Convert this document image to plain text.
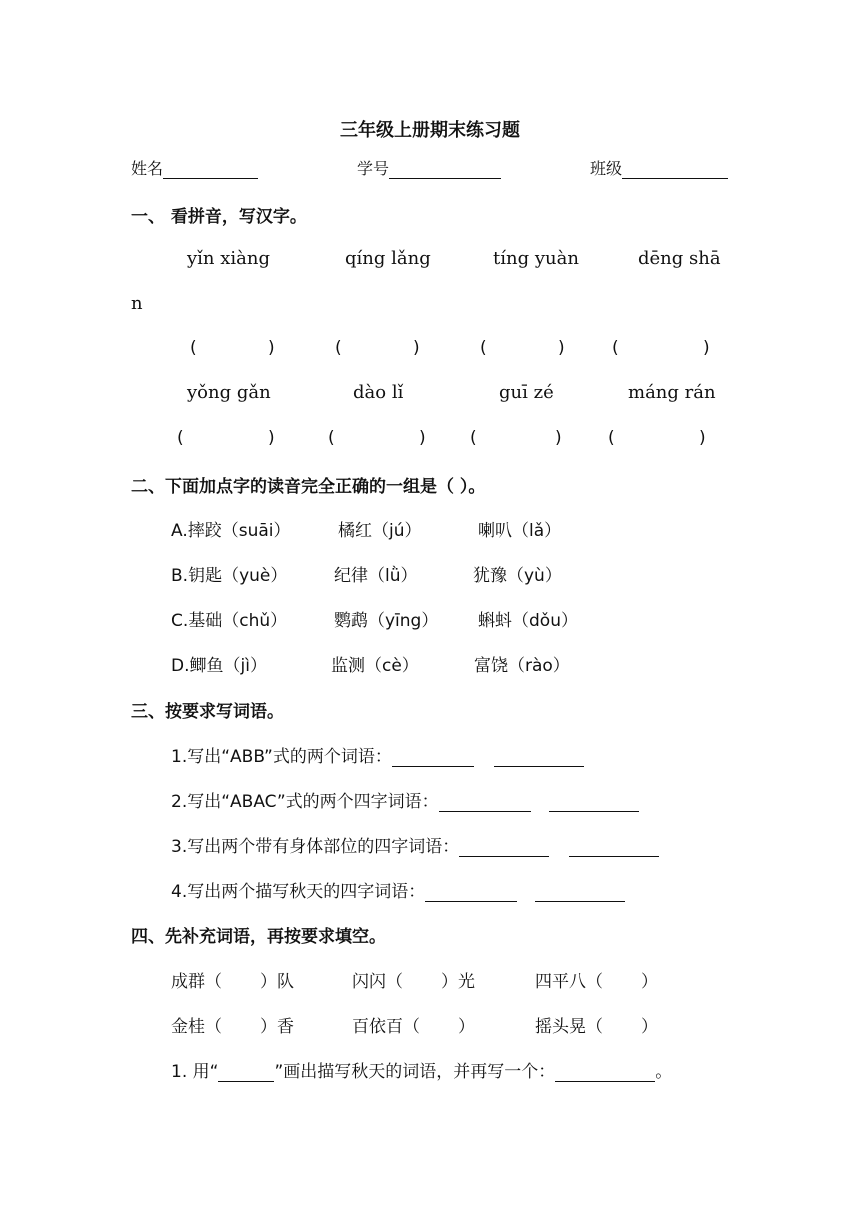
三年级上册期末练习题
姓名	学号	班级
一、 看拼音，写汉字。
yǐn xiàng	qíng lǎng	tíng yuàn	dēng shā
n
(	)	(	)	(	)	(	)
yǒng gǎn	dào lǐ	guī zé	máng rán
(	)	(	)	(	)	(	)
二、下面加点字的读音完全正确的一组是（ ）。
A.摔跤（suāi）	橘红（jú）	喇叭（lǎ）
B.钥匙（yuè）	纪律（lǜ）	犹豫（yù）
C.基础（chǔ）	鹦鹉（yīng） 蝌蚪（dǒu）
D.鲫鱼（jì）	监测（cè）	富饶（rào）
三、按要求写词语。
1.写出“ABB”式的两个词语：
2.写出“ABAC”式的两个四字词语：
3.写出两个带有身体部位的四字词语：
4.写出两个描写秋天的四字词语：
四、先补充词语，再按要求填空。
成群（ ）队	闪闪（ ）光	四平八（ ）
金桂（ ）香	百依百（ ）	摇头晃（ ）
1. 用“	”画出描写秋天的词语，并再写一个：	。
